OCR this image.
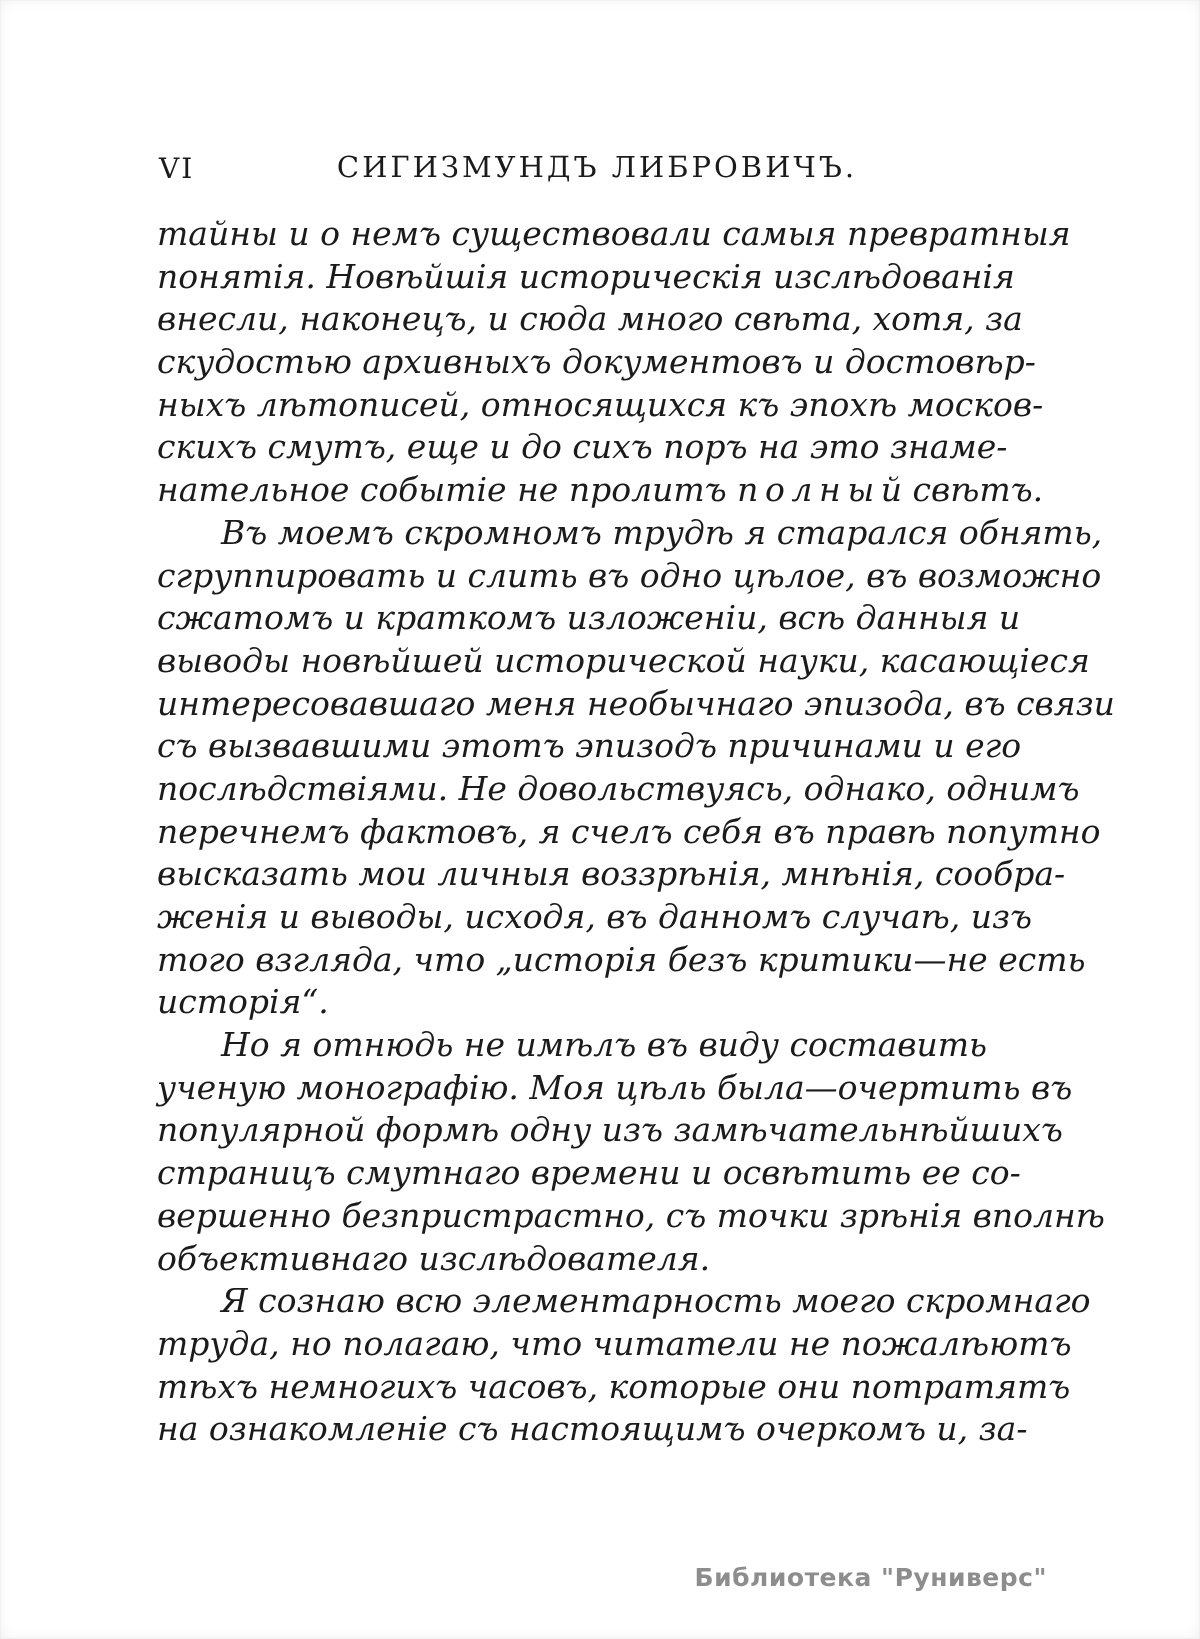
VI	СИГИЗМУНДЪ ЛИБРОВИЧЪ.
тайны и о немъ существовали самыя превратныя
понятія. Новѣйшія историческія изслѣдованія
внесли, наконецъ, и сюда много свѣта, хотя, за
скудостью архивныхъ документовъ и достовѣр-
ныхъ лѣтописей, относящихся къ эпохѣ москов-
скихъ смутъ, еще и до сихъ поръ на это знаме-
нательное событіе не пролитъ п о л н ы й свѣтъ.
Въ моемъ скромномъ трудѣ я старался обнять,
сгруппировать и слить въ одно цѣлое, въ возможно
сжатомъ и краткомъ изложеніи, всѣ данныя и
выводы новѣйшей исторической науки, касающіеся
интересовавшаго меня необычнаго эпизода, въ связи
съ вызвавшими этотъ эпизодъ причинами и его
послѣдствіями. Не довольствуясь, однако, однимъ
перечнемъ фактовъ, я счелъ себя въ правѣ попутно
высказать мои личныя воззрѣнія, мнѣнія, сообра-
женія и выводы, исходя, въ данномъ случаѣ, изъ
того взгляда, что „исторія безъ критики—не есть
исторія“.
Но я отнюдь не имѣлъ въ виду составить
ученую монографію. Моя цѣль была—очертить въ
популярной формѣ одну изъ замѣчательнѣйшихъ
страницъ смутнаго времени и освѣтить ее со-
вершенно безпристрастно, съ точки зрѣнія вполнѣ
объективнаго изслѣдователя.
Я сознаю всю элементарность моего скромнаго
труда, но полагаю, что читатели не пожалѣютъ
тѣхъ немногихъ часовъ, которые они потратятъ
на ознакомленіе съ настоящимъ очеркомъ и, за-
Библиотека "Руниверс"
